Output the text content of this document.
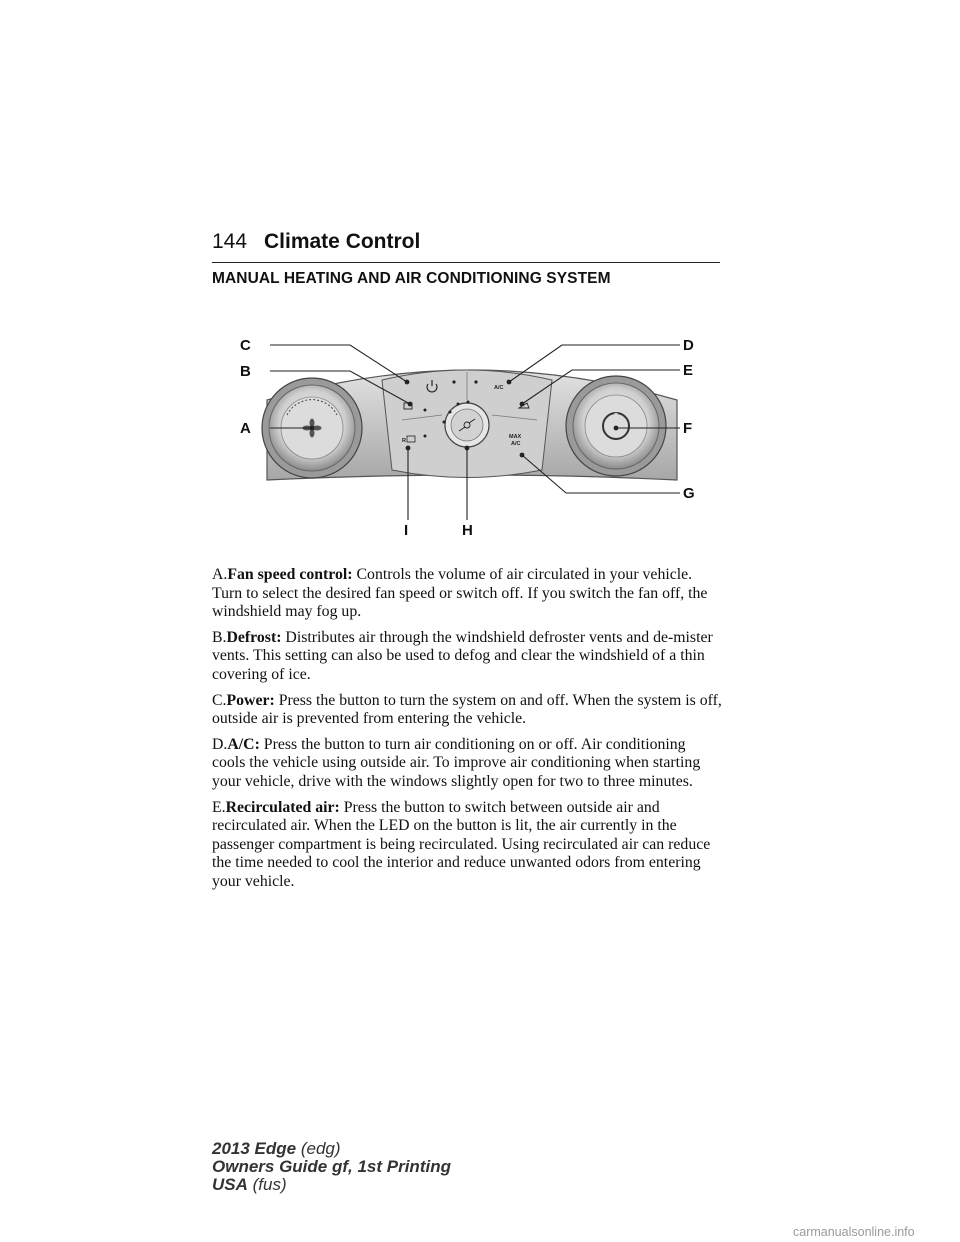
144 Climate Control
MANUAL HEATING AND AIR CONDITIONING SYSTEM
A/C
R
MAX
A/C
C
B
A
D
E
F
G
H
I

A.Fan speed control: Controls the volume of air circulated in your vehicle. Turn to select the desired fan speed or switch off. If you switch the fan off, the windshield may fog up.

B.Defrost: Distributes air through the windshield defroster vents and de-mister vents. This setting can also be used to defog and clear the windshield of a thin covering of ice.

C.Power: Press the button to turn the system on and off. When the system is off, outside air is prevented from entering the vehicle.

D.A/C: Press the button to turn air conditioning on or off. Air conditioning cools the vehicle using outside air. To improve air conditioning when starting your vehicle, drive with the windows slightly open for two to three minutes.

E.Recirculated air: Press the button to switch between outside air and recirculated air. When the LED on the button is lit, the air currently in the passenger compartment is being recirculated. Using recirculated air can reduce the time needed to cool the interior and reduce unwanted odors from entering your vehicle.

2013 Edge (edg)
Owners Guide gf, 1st Printing
USA (fus)
carmanualsonline.info
